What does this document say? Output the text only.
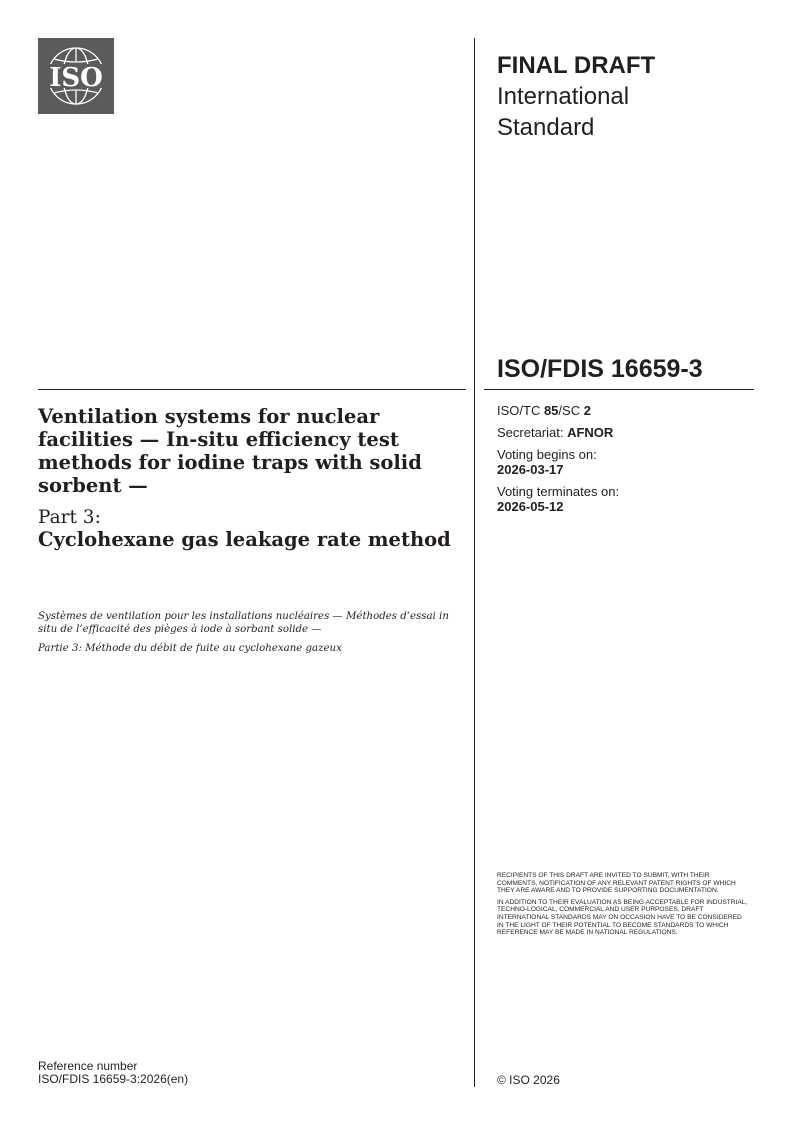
ISO	FINAL DRAFT
International
Standard
ISO/FDIS 16659-3
ISO/TC 85/SC 2
Secretariat: AFNOR
Voting begins on:
2026-03-17
Voting terminates on:
2026-05-12
Ventilation systems for nuclear facilities — In-situ efficiency test methods for iodine traps with solid sorbent —
Part 3:
Cyclohexane gas leakage rate method

Systèmes de ventilation pour les installations nucléaires — Méthodes d’essai in situ de l’efficacité des pièges à iode à sorbant solide —

Partie 3: Méthode du débit de fuite au cyclohexane gazeux

RECIPIENTS OF THIS DRAFT ARE INVITED TO SUBMIT, WITH THEIR COMMENTS, NOTIFICATION OF ANY RELEVANT PATENT RIGHTS OF WHICH THEY ARE AWARE AND TO PROVIDE SUPPORTING DOCUMENTATION.

IN ADDITION TO THEIR EVALUATION AS BEING ACCEPTABLE FOR INDUSTRIAL, TECHNO-LOGICAL, COMMERCIAL AND USER PURPOSES, DRAFT INTERNATIONAL STANDARDS MAY ON OCCASION HAVE TO BE CONSIDERED IN THE LIGHT OF THEIR POTENTIAL TO BECOME STANDARDS TO WHICH REFERENCE MAY BE MADE IN NATIONAL REGULATIONS.

Reference number
ISO/FDIS 16659-3:2026(en)	© ISO 2026
